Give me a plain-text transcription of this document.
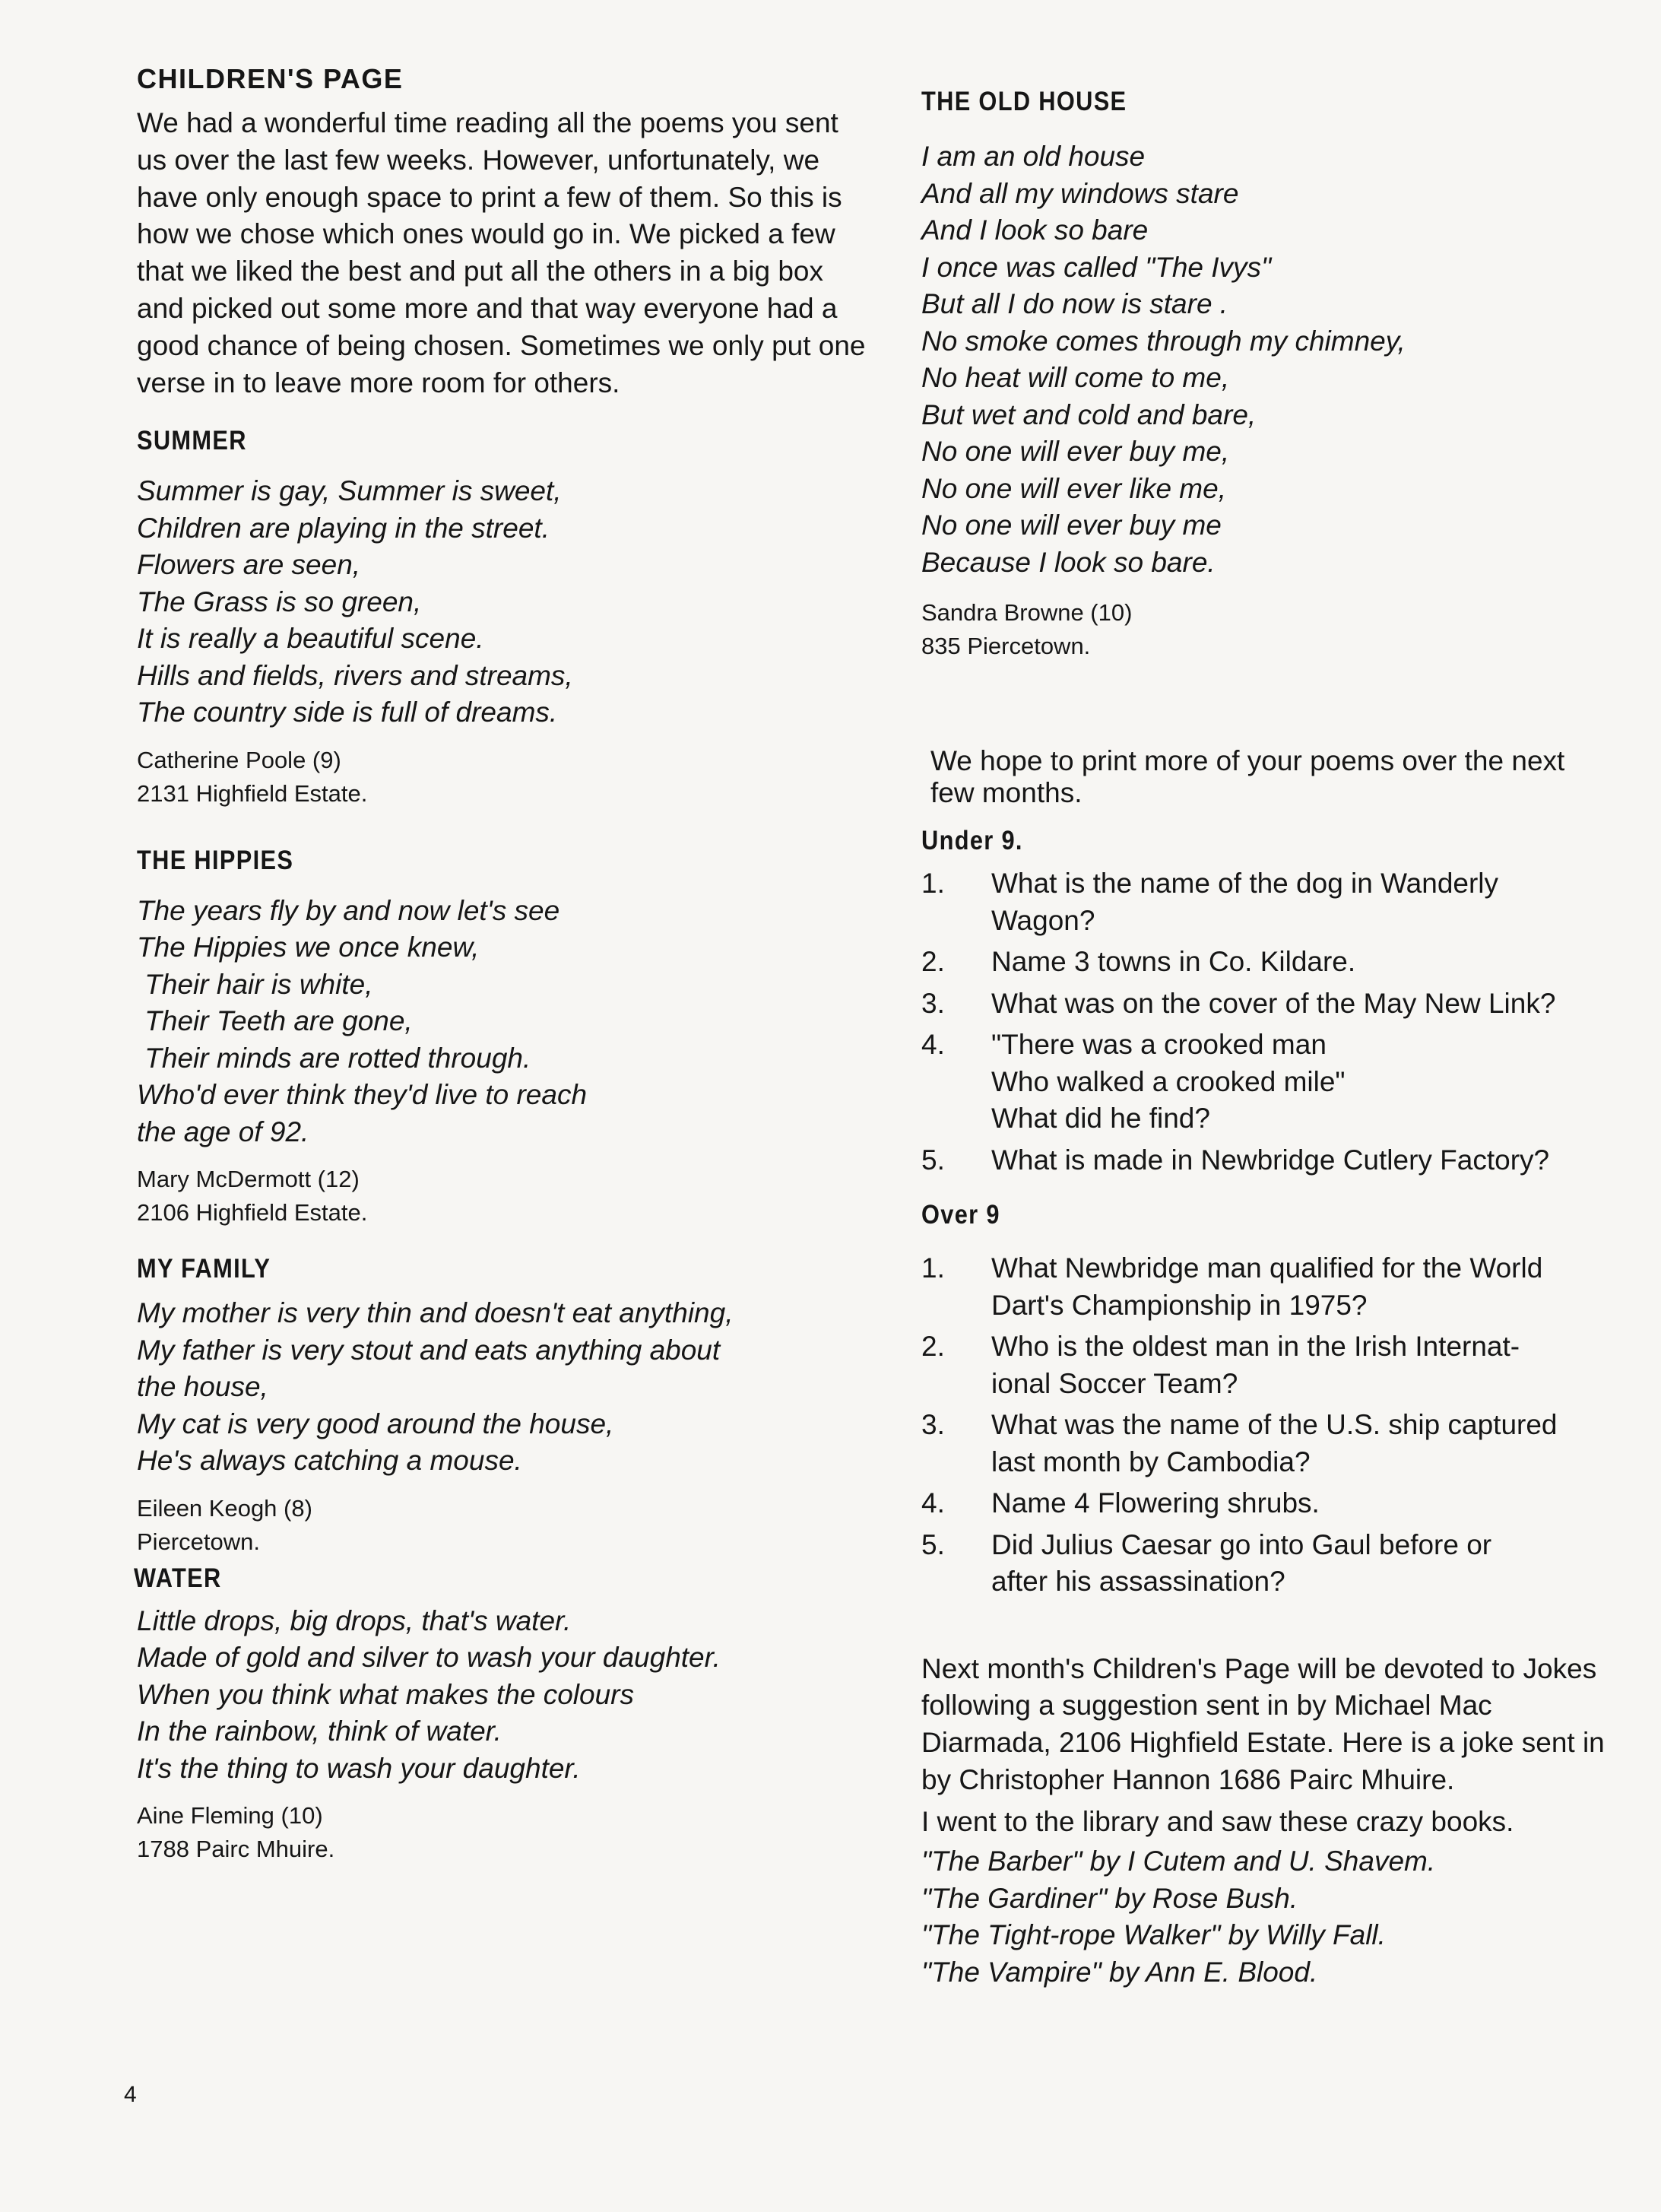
CHILDREN'S PAGE

We had a wonderful time reading all the poems you sent us over the last few weeks. However, unfortunately, we have only enough space to print a few of them. So this is how we chose which ones would go in. We picked a few that we liked the best and put all the others in a big box and picked out some more and that way everyone had a good chance of being chosen. Sometimes we only put one verse in to leave more room for others.

SUMMER
Summer is gay, Summer is sweet,
Children are playing in the street.
Flowers are seen,
The Grass is so green,
It is really a beautiful scene.
Hills and fields, rivers and streams,
The country side is full of dreams.

Catherine Poole (9)

2131 Highfield Estate.

THE HIPPIES
The years fly by and now let's see
The Hippies we once knew,
Their hair is white,
Their Teeth are gone,
Their minds are rotted through.
Who'd ever think they'd live to reach
the age of 92.

Mary McDermott (12)

2106 Highfield Estate.

MY FAMILY
My mother is very thin and doesn't eat anything,
My father is very stout and eats anything about
the house,
My cat is very good around the house,
He's always catching a mouse.

Eileen Keogh (8)

Piercetown.

WATER
Little drops, big drops, that's water.
Made of gold and silver to wash your daughter.
When you think what makes the colours
In the rainbow, think of water.
It's the thing to wash your daughter.

Aine Fleming (10)

1788 Pairc Mhuire.

THE OLD HOUSE
I am an old house
And all my windows stare
And I look so bare
I once was called "The Ivys"
But all I do now is stare .
No smoke comes through my chimney,
No heat will come to me,
But wet and cold and bare,
No one will ever buy me,
No one will ever like me,
No one will ever buy me
Because I look so bare.

Sandra Browne (10)

835 Piercetown.

We hope to print more of your poems over the next few months.

Under 9.
1.	What is the name of the dog in Wanderly
Wagon?
2.	Name 3 towns in Co. Kildare.
3.	What was on the cover of the May New Link?
4.	"There was a crooked man
Who walked a crooked mile"
What did he find?
5.	What is made in Newbridge Cutlery Factory?
Over 9
1.	What Newbridge man qualified for the World
Dart's Championship in 1975?
2.	Who is the oldest man in the Irish Internat-
ional Soccer Team?
3.	What was the name of the U.S. ship captured
last month by Cambodia?
4.	Name 4 Flowering shrubs.
5.	Did Julius Caesar go into Gaul before or
after his assassination?

Next month's Children's Page will be devoted to Jokes following a suggestion sent in by Michael Mac Diarmada, 2106 Highfield Estate. Here is a joke sent in by Christopher Hannon 1686 Pairc Mhuire.

I went to the library and saw these crazy books.

"The Barber" by I Cutem and U. Shavem.
"The Gardiner" by Rose Bush.
"The Tight-rope Walker" by Willy Fall.
"The Vampire" by Ann E. Blood.
4
